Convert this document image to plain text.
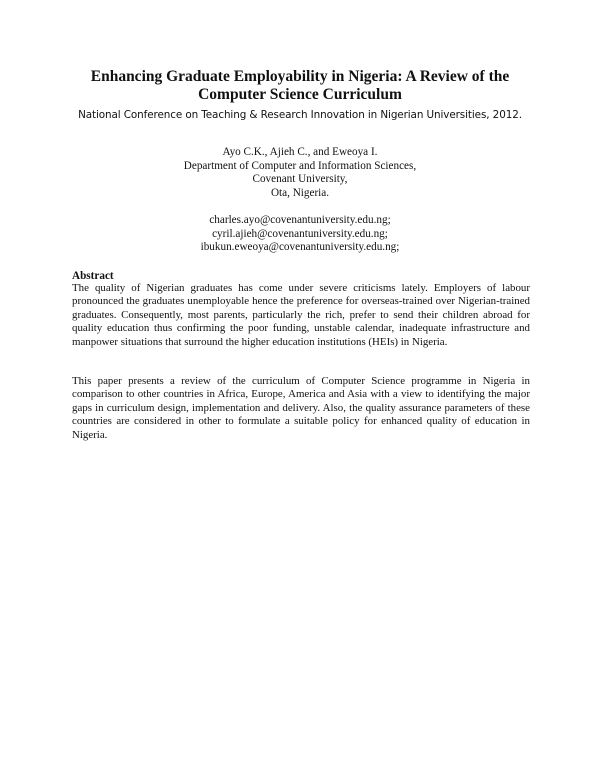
Enhancing Graduate Employability in Nigeria: A Review of the
Computer Science Curriculum
National Conference on Teaching & Research Innovation in Nigerian Universities, 2012.
Ayo C.K., Ajieh C., and Eweoya I.
Department of Computer and Information Sciences,
Covenant University,
Ota, Nigeria.
charles.ayo@covenantuniversity.edu.ng;
cyril.ajieh@covenantuniversity.edu.ng;
ibukun.eweoya@covenantuniversity.edu.ng;
Abstract

The quality of Nigerian graduates has come under severe criticisms lately. Employers of labour pronounced the graduates unemployable hence the preference for overseas-trained over Nigerian-trained graduates. Consequently, most parents, particularly the rich, prefer to send their children abroad for quality education thus confirming the poor funding, unstable calendar, inadequate infrastructure and manpower situations that surround the higher education institutions (HEIs) in Nigeria.

This paper presents a review of the curriculum of Computer Science programme in Nigeria in comparison to other countries in Africa, Europe, America and Asia with a view to identifying the major gaps in curriculum design, implementation and delivery. Also, the quality assurance parameters of these countries are considered in other to formulate a suitable policy for enhanced quality of education in Nigeria.
